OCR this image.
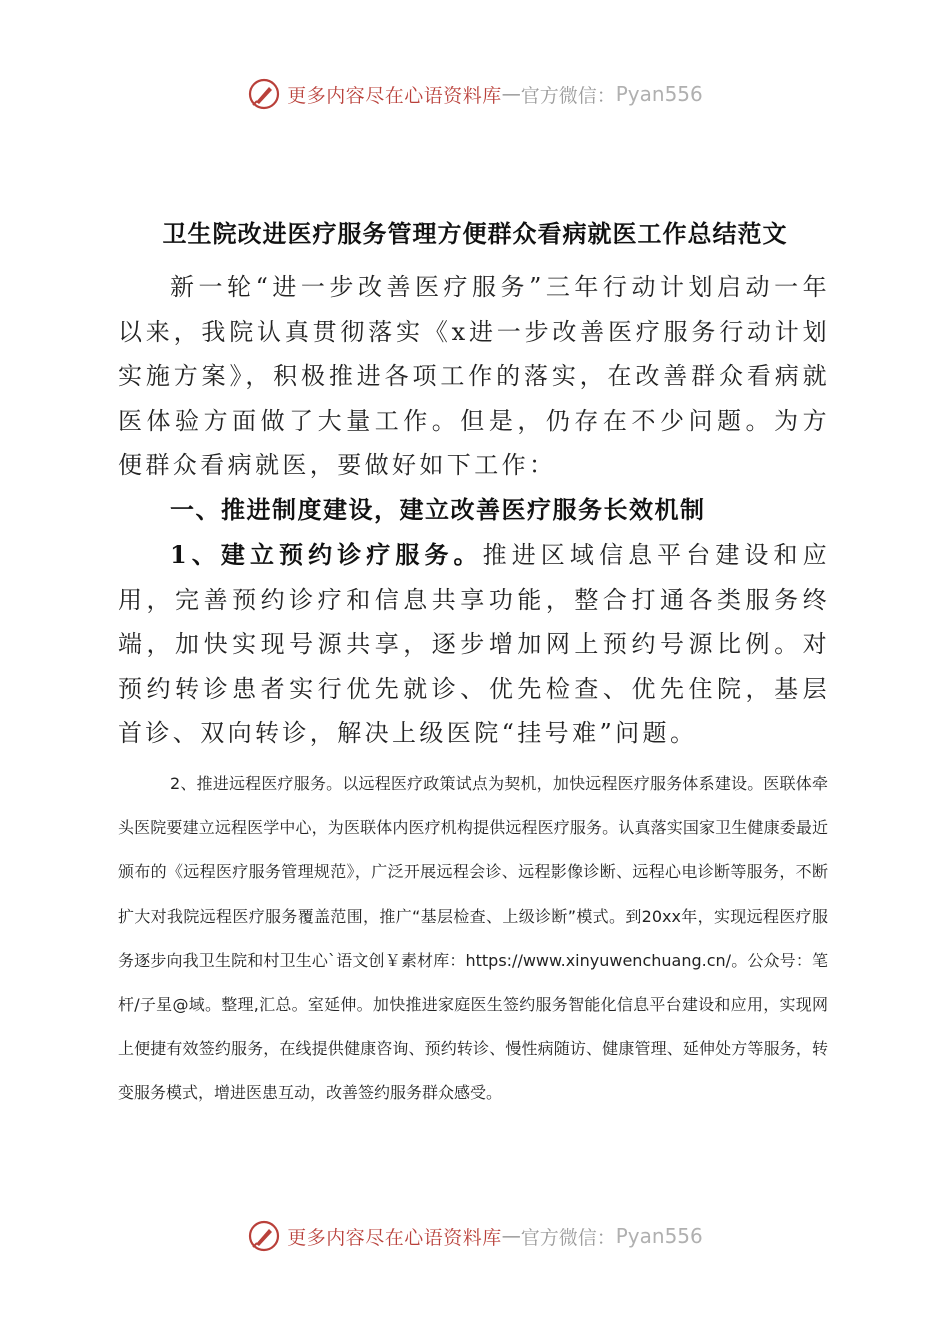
更多内容尽在心语资料库 — 官方微信： Pyan556
卫生院改进医疗服务管理方便群众看病就医工作总结范文

新一轮“进一步改善医疗服务”三年行动计划启动一年以来，我院认真贯彻落实《x进一步改善医疗服务行动计划实施方案》，积极推进各项工作的落实，在改善群众看病就医体验方面做了大量工作。但是，仍存在不少问题。为方便群众看病就医，要做好如下工作：

一、推进制度建设，建立改善医疗服务长效机制

1、建立预约诊疗服务。推进区域信息平台建设和应用，完善预约诊疗和信息共享功能，整合打通各类服务终端，加快实现号源共享，逐步增加网上预约号源比例。对预约转诊患者实行优先就诊、优先检查、优先住院，基层首诊、双向转诊，解决上级医院“挂号难”问题。

2、推进远程医疗服务。以远程医疗政策试点为契机，加快远程医疗服务体系建设。医联体牵头医院要建立远程医学中心，为医联体内医疗机构提供远程医疗服务。认真落实国家卫生健康委最近颁布的《远程医疗服务管理规范》，广泛开展远程会诊、远程影像诊断、远程心电诊断等服务，不断扩大对我院远程医疗服务覆盖范围，推广“基层检查、上级诊断”模式。到20xx年，实现远程医疗服务逐步向我卫生院和村卫生心`语文创￥素材库：https://www.xinyuwenchuang.cn/。公众号：笔杆/子星@域。整理,汇总。室延伸。加快推进家庭医生签约服务智能化信息平台建设和应用，实现网上便捷有效签约服务，在线提供健康咨询、预约转诊、慢性病随访、健康管理、延伸处方等服务，转变服务模式，增进医患互动，改善签约服务群众感受。

更多内容尽在心语资料库 — 官方微信： Pyan556
